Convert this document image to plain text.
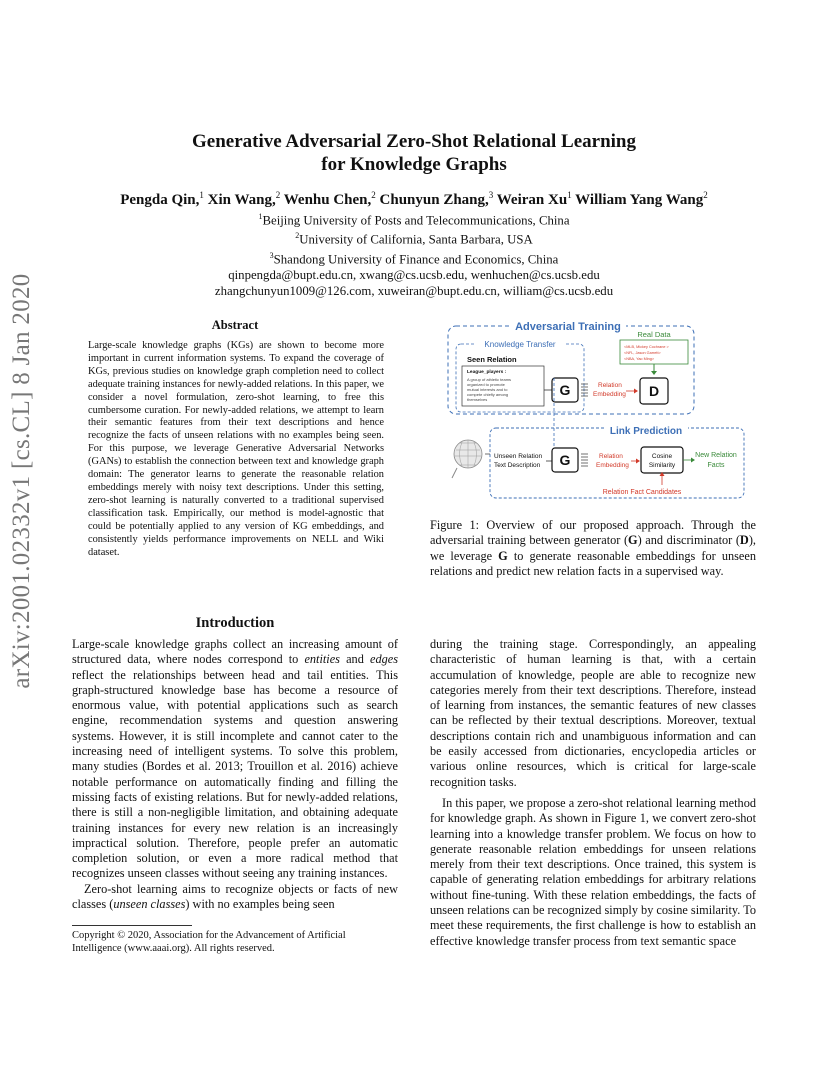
arXiv:2001.02332v1 [cs.CL] 8 Jan 2020
Generative Adversarial Zero-Shot Relational Learning
for Knowledge Graphs
Pengda Qin,$^1$ Xin Wang,$^2$ Wenhu Chen,$^2$ Chunyun Zhang,$^3$ Weiran Xu$^1$ William Yang Wang$^2$
$^1$Beijing University of Posts and Telecommunications, China
$^2$University of California, Santa Barbara, USA
$^3$Shandong University of Finance and Economics, China
qinpengda@bupt.edu.cn, xwang@cs.ucsb.edu, wenhuchen@cs.ucsb.edu
zhangchunyun1009@126.com, xuweiran@bupt.edu.cn, william@cs.ucsb.edu
Abstract
Large-scale knowledge graphs (KGs) are shown to become more important in current information systems. To expand the coverage of KGs, previous studies on knowledge graph completion need to collect adequate training instances for newly-added relations. In this paper, we consider a novel formulation, zero-shot learning, to free this cumbersome curation. For newly-added relations, we attempt to learn their semantic features from their text descriptions and hence recognize the facts of unseen relations with no examples being seen. For this purpose, we leverage Generative Adversarial Networks (GANs) to establish the connection between text and knowledge graph domain: The generator learns to generate the reasonable relation embeddings merely with noisy text descriptions. Under this setting, zero-shot learning is naturally converted to a traditional supervised classification task. Empirically, our method is model-agnostic that could be potentially applied to any version of KG embeddings, and consistently yields performance improvements on NELL and Wiki dataset.
Introduction

Large-scale knowledge graphs collect an increasing amount of structured data, where nodes correspond to entities and edges reflect the relationships between head and tail entities. This graph-structured knowledge base has become a resource of enormous value, with potential applications such as search engine, recommendation systems and question answering systems. However, it is still incomplete and cannot cater to the increasing need of intelligent systems. To solve this problem, many studies (Bordes et al. 2013; Trouillon et al. 2016) achieve notable performance on automatically finding and filling the missing facts of existing relations. But for newly-added relations, there is still a non-negligible limitation, and obtaining adequate training instances for every new relation is an increasingly impractical solution. Therefore, people prefer an automatic completion solution, or even a more radical method that recognizes unseen classes without seeing any training instances.

Zero-shot learning aims to recognize objects or facts of new classes (unseen classes) with no examples being seen

Copyright © 2020, Association for the Advancement of Artificial
Intelligence (www.aaai.org). All rights reserved.
Adversarial Training
Knowledge Transfer
Seen Relation
League_players :
A group of athletic teams
organized to promote
mutual interests and to
compete chiefly among
themselves
G	Relation
Embedding
Real Data
<MLB, Mickey Cochrane >
<NFL, Jason Garrett>
<NBA, Yao Ming>
D
Link Prediction
Unseen Relation
Text Description G	Relation
Embedding
Cosine
Similarity
New Relation
Facts
Relation Fact Candidates
Figure 1: Overview of our proposed approach. Through the adversarial training between generator (G) and discriminator (D), we leverage G to generate reasonable embeddings for unseen relations and predict new relation facts in a supervised way.

during the training stage. Correspondingly, an appealing characteristic of human learning is that, with a certain accumulation of knowledge, people are able to recognize new categories merely from their text descriptions. Therefore, instead of learning from instances, the semantic features of new classes can be reflected by their textual descriptions. Moreover, textual descriptions contain rich and unambiguous information and can be easily accessed from dictionaries, encyclopedia articles or various online resources, which is critical for large-scale recognition tasks.

In this paper, we propose a zero-shot relational learning method for knowledge graph. As shown in Figure 1, we convert zero-shot learning into a knowledge transfer problem. We focus on how to generate reasonable relation embeddings for unseen relations merely from their text descriptions. Once trained, this system is capable of generating relation embeddings for arbitrary relations without fine-tuning. With these relation embeddings, the facts of unseen relations can be recognized simply by cosine similarity. To meet these requirements, the first challenge is how to establish an effective knowledge transfer process from text semantic space
